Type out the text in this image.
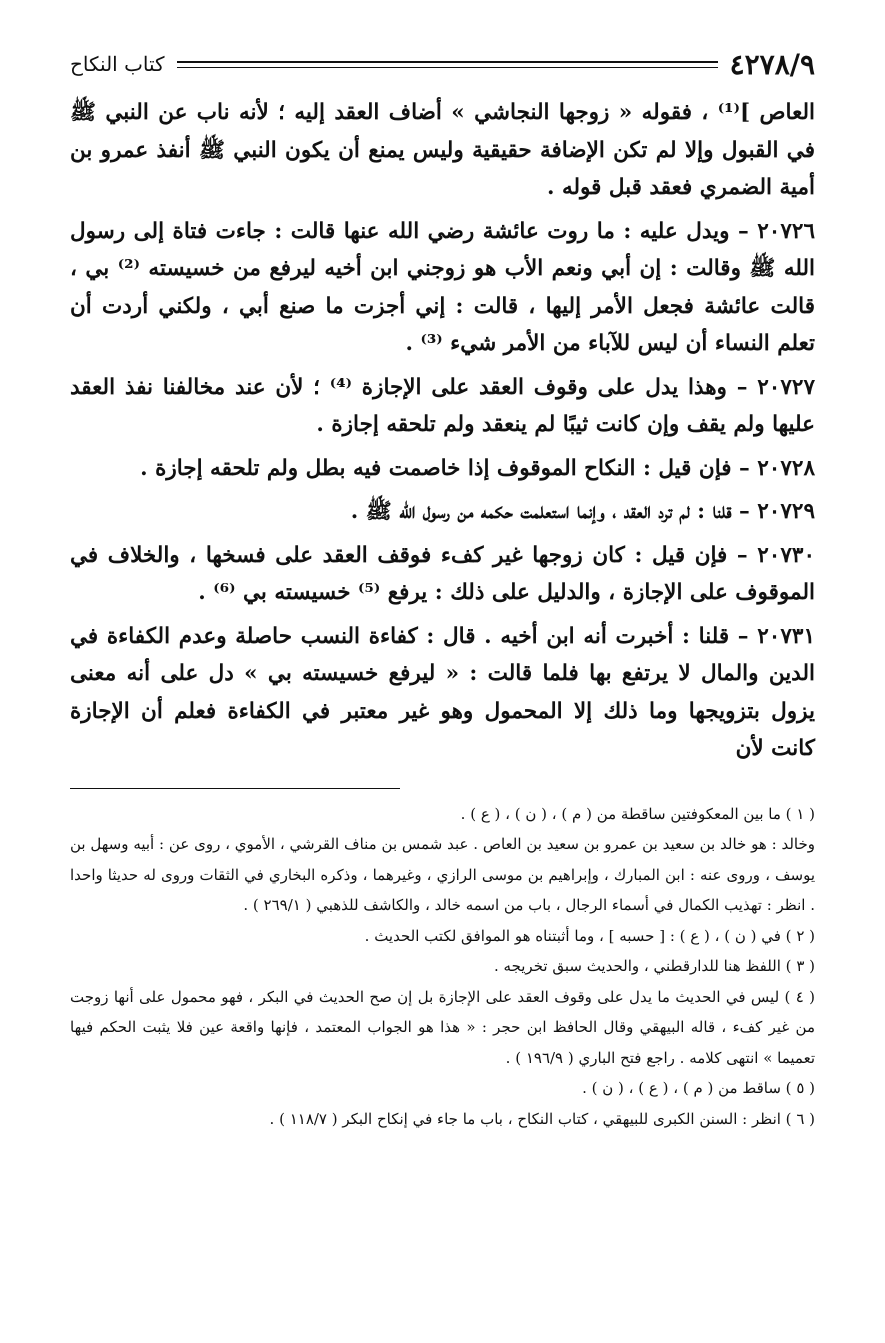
٤٢٧٨/٩
كتاب النكاح

العاص ]⁽¹⁾ ، فقوله « زوجها النجاشي » أضاف العقد إليه ؛ لأنه ناب عن النبي ﷺ في القبول وإلا لم تكن الإضافة حقيقية وليس يمنع أن يكون النبي ﷺ أنفذ عمرو بن أمية الضمري فعقد قبل قوله .

٢٠٧٢٦ – ويدل عليه : ما روت عائشة رضي الله عنها قالت : جاءت فتاة إلى رسول الله ﷺ وقالت : إن أبي ونعم الأب هو زوجني ابن أخيه ليرفع من خسيسته ⁽²⁾ بي ، قالت عائشة فجعل الأمر إليها ، قالت : إني أجزت ما صنع أبي ، ولكني أردت أن تعلم النساء أن ليس للآباء من الأمر شيء ⁽³⁾ .

٢٠٧٢٧ – وهذا يدل على وقوف العقد على الإجازة ⁽⁴⁾ ؛ لأن عند مخالفنا نفذ العقد عليها ولم يقف وإن كانت ثيبًا لم ينعقد ولم تلحقه إجازة .

٢٠٧٢٨ – فإن قيل : النكاح الموقوف إذا خاصمت فيه بطل ولم تلحقه إجازة .

٢٠٧٢٩ – قلنا : لم ترد العقد ، وإنما استعلمت حكمه من رسول الله ﷺ .

٢٠٧٣٠ – فإن قيل : كان زوجها غير كفء فوقف العقد على فسخها ، والخلاف في الموقوف على الإجازة ، والدليل على ذلك : يرفع ⁽⁵⁾ خسيسته بي ⁽⁶⁾ .

٢٠٧٣١ – قلنا : أخبرت أنه ابن أخيه . قال : كفاءة النسب حاصلة وعدم الكفاءة في الدين والمال لا يرتفع بها فلما قالت : « ليرفع خسيسته بي » دل على أنه معنى يزول بتزويجها وما ذلك إلا المحمول وهو غير معتبر في الكفاءة فعلم أن الإجازة كانت لأن

( ١ ) ما بين المعكوفتين ساقطة من ( م ) ، ( ن ) ، ( ع ) .

وخالد : هو خالد بن سعيد بن عمرو بن سعيد بن العاص . عبد شمس بن مناف القرشي ، الأموي ، روى عن : أبيه وسهل بن يوسف ، وروى عنه : ابن المبارك ، وإبراهيم بن موسى الرازي ، وغيرهما ، وذكره البخاري في الثقات وروى له حديثا واحدا . انظر : تهذيب الكمال في أسماء الرجال ، باب من اسمه خالد ، والكاشف للذهبي ( ٢٦٩/١ ) .

( ٢ ) في ( ن ) ، ( ع ) : [ حسبه ] ، وما أثبتناه هو الموافق لكتب الحديث .

( ٣ ) اللفظ هنا للدارقطني ، والحديث سبق تخريجه .

( ٤ ) ليس في الحديث ما يدل على وقوف العقد على الإجازة بل إن صح الحديث في البكر ، فهو محمول على أنها زوجت من غير كفء ، قاله البيهقي وقال الحافظ ابن حجر : « هذا هو الجواب المعتمد ، فإنها واقعة عين فلا يثبت الحكم فيها تعميما » انتهى كلامه . راجع فتح الباري ( ١٩٦/٩ ) .

( ٥ ) ساقط من ( م ) ، ( ع ) ، ( ن ) .

( ٦ ) انظر : السنن الكبرى للبيهقي ، كتاب النكاح ، باب ما جاء في إنكاح البكر ( ١١٨/٧ ) .
